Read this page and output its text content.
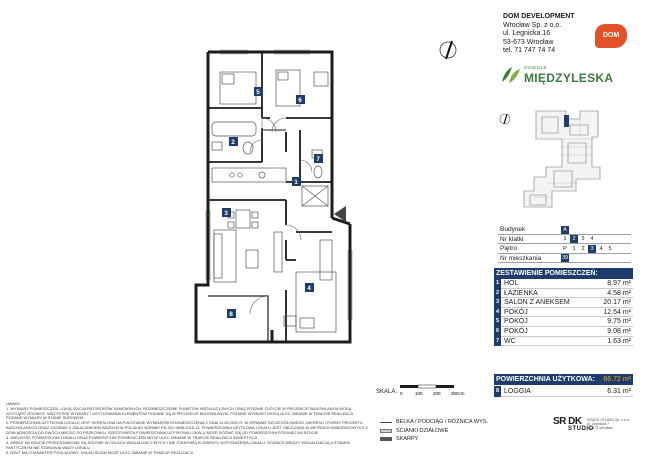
DOM DEVELOPMENT
Wrocław Sp. z o.o.
ul. Legnicka 16
53-673 Wrocław
tel. 71 747 74 74
DOM
OSIEDLE
MIĘDZYLESKA
5
6
2
7
1
3
4
8
Budynek	A
Nr klatki	1	2	3	4
Piętro	P	1	2	3	4	5
Nr mieszkania	39
ZESTAWIENIE POMIESZCZEŃ:
1 HOL	8.97 m²
2 ŁAZIENKA	4.58 m²
3 SALON Z ANEKSEM	20.17 m²
4 POKÓJ	12.54 m²
5 POKÓJ	9.75 m²
6 POKÓJ	9.08 m²
7 WC	1.63 m²
POWIERZCHNIA UŻYTKOWA: 66.72 m²
8 LOGGIA	6.31 m²
SKALA: 0	100 200 300cm

UWAGI:

1. WYMIARY POMIESZCZEŃ, LOKALIZACJA PRZYBORÓW SANITARNYCH, ROZMIESZCZENIE PUNKTÓW INSTALACYJNYCH ORAZ PODANE ZUŻYCIE W PROJEKCIE BUDOWLANYM MOGĄ WYSTĄPIĆ RÓŻNICE. WSZYSTKIE WYMIARY I USYTUOWANIA ELEMENTÓW PODANE SĄ W PROJEKCIE BUDOWLANYM. PODANE WYMIARY MOGĄ ULEC ZMIANIE W TRAKCIE REALIZACJI. PODANE WYMIARY W STANIE SUROWYM

2. POWIERZCHNIA UŻYTKOWA LOKALU JEST OKREŚLONA NA PODSTAWIE WYMIARÓW ROZMIESZCZENIA Z DNIA 11.08.2020 R. W SPRAWIE SZCZEGÓŁOWEGO ZAKRESU I FORMY PROJEKTU BUDOWLANEGO ORAZ ZGODNIE Z ZAŁĄCZNIKIEM WAŻNYM W POLSKIEJ NORMIE PN-ISO 9836:2015-12. POWIERZCHNIA UŻYTKOWA LOKALU JEST OBLICZANA W METRACH KWADRATOWYCH Z DOKŁADNOŚCIĄ DO DWÓCH MIEJSC PO PRZECINKU. RZECZYWISTA POWIERZCHNIA UŻYTKOWA LOKALU MOŻE RÓŻNIĆ SIĘ OD POWIERZCHNI PODANEJ NA RZUCIE

3. WIELKOŚĆ POWIERZCHNI LOKALU ORAZ POWIERZCHNI POMIESZCZEŃ MOŻE ULEC ZMIANIE W TRAKCIE REALIZACJI INWESTYCJI

4. MEBLE NA RZUCIE PRZEDSTAWIONE SĄ JEDYNIE W CELACH WIZUALIZACYJNYCH I NIE STANOWIĄ ELEMENTU WYPOSAŻENIA LOKALU. RÓŻNICE MIĘDZY WIZUALIZACJĄ A STANEM FAKTYCZNYM NIE STANOWIĄ WADY LOKALU

5. RZUT MA CHARAKTER POGLĄDOWY. UKŁAD ŚCIAN MOŻE ULEC ZMIANIE W TRAKCIE REALIZACJI

BELKA / PODCIĄG / RÓŻNICA WYS.
ŚCIANKI DZIAŁOWE
SKARPY
SR DK
STUDIO
SR&DK STUDIO Sp. z o.o.
ul. Legnicka 7
53-673 Wrocław
